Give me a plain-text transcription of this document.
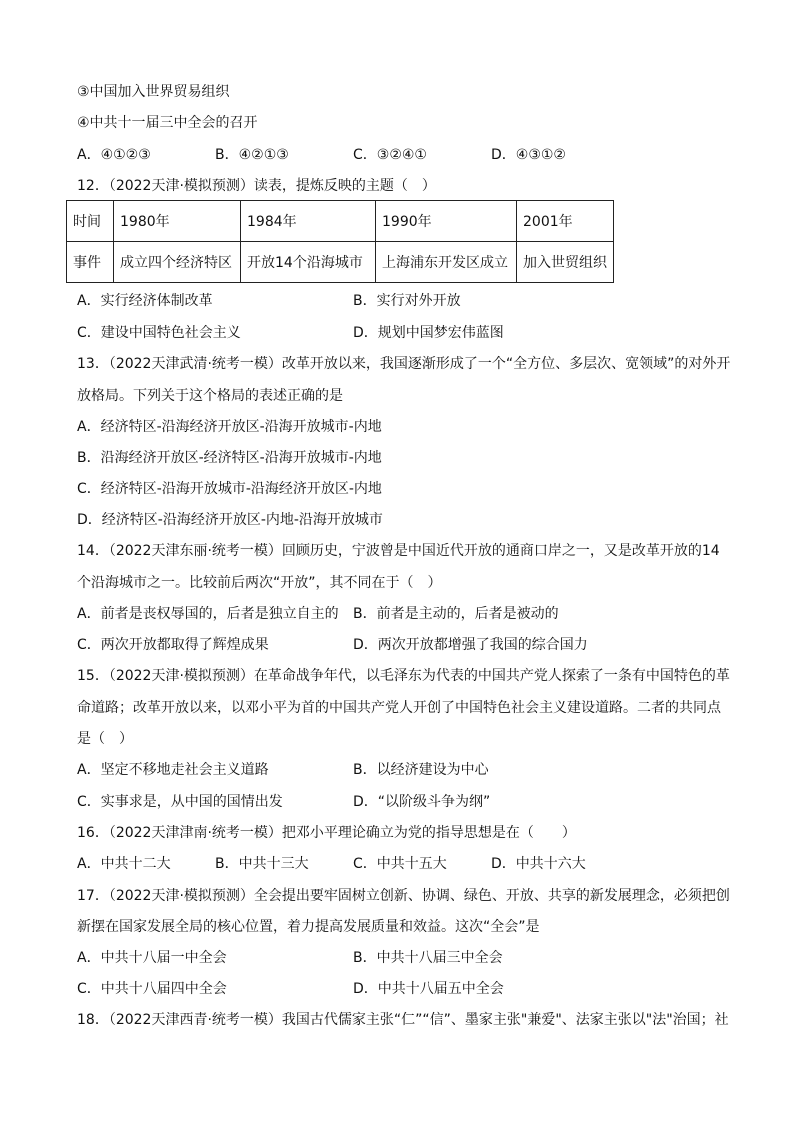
③中国加入世界贸易组织
④中共十一届三中全会的召开
A．④①②③	B．④②①③	C．③②④①	D．④③①②
12．（2022天津·模拟预测）读表，提炼反映的主题（　）
时间	1980年	1984年	1990年	2001年
事件	成立四个经济特区	开放14个沿海城市	上海浦东开发区成立	加入世贸组织
A．实行经济体制改革	B．实行对外开放
C．建设中国特色社会主义	D．规划中国梦宏伟蓝图
13．（2022天津武清·统考一模）改革开放以来，我国逐渐形成了一个“全方位、多层次、宽领域”的对外开
放格局。下列关于这个格局的表述正确的是
A．经济特区-沿海经济开放区-沿海开放城市-内地
B．沿海经济开放区-经济特区-沿海开放城市-内地
C．经济特区-沿海开放城市-沿海经济开放区-内地
D．经济特区-沿海经济开放区-内地-沿海开放城市
14．（2022天津东丽·统考一模）回顾历史，宁波曾是中国近代开放的通商口岸之一，又是改革开放的14
个沿海城市之一。比较前后两次“开放”，其不同在于（　）
A．前者是丧权辱国的，后者是独立自主的 B．前者是主动的，后者是被动的
C．两次开放都取得了辉煌成果	D．两次开放都增强了我国的综合国力
15．（2022天津·模拟预测）在革命战争年代，以毛泽东为代表的中国共产党人探索了一条有中国特色的革
命道路；改革开放以来，以邓小平为首的中国共产党人开创了中国特色社会主义建设道路。二者的共同点
是（　）
A．坚定不移地走社会主义道路	B．以经济建设为中心
C．实事求是，从中国的国情出发	D．“以阶级斗争为纲”
16．（2022天津津南·统考一模）把邓小平理论确立为党的指导思想是在（　　）
A．中共十二大	B．中共十三大	C．中共十五大	D．中共十六大
17．（2022天津·模拟预测）全会提出要牢固树立创新、协调、绿色、开放、共享的新发展理念，必须把创
新摆在国家发展全局的核心位置，着力提高发展质量和效益。这次“全会”是
A．中共十八届一中全会	B．中共十八届三中全会
C．中共十八届四中全会	D．中共十八届五中全会
18．（2022天津西青·统考一模）我国古代儒家主张“仁”“信”、墨家主张"兼爱"、法家主张以"法"治国；社
